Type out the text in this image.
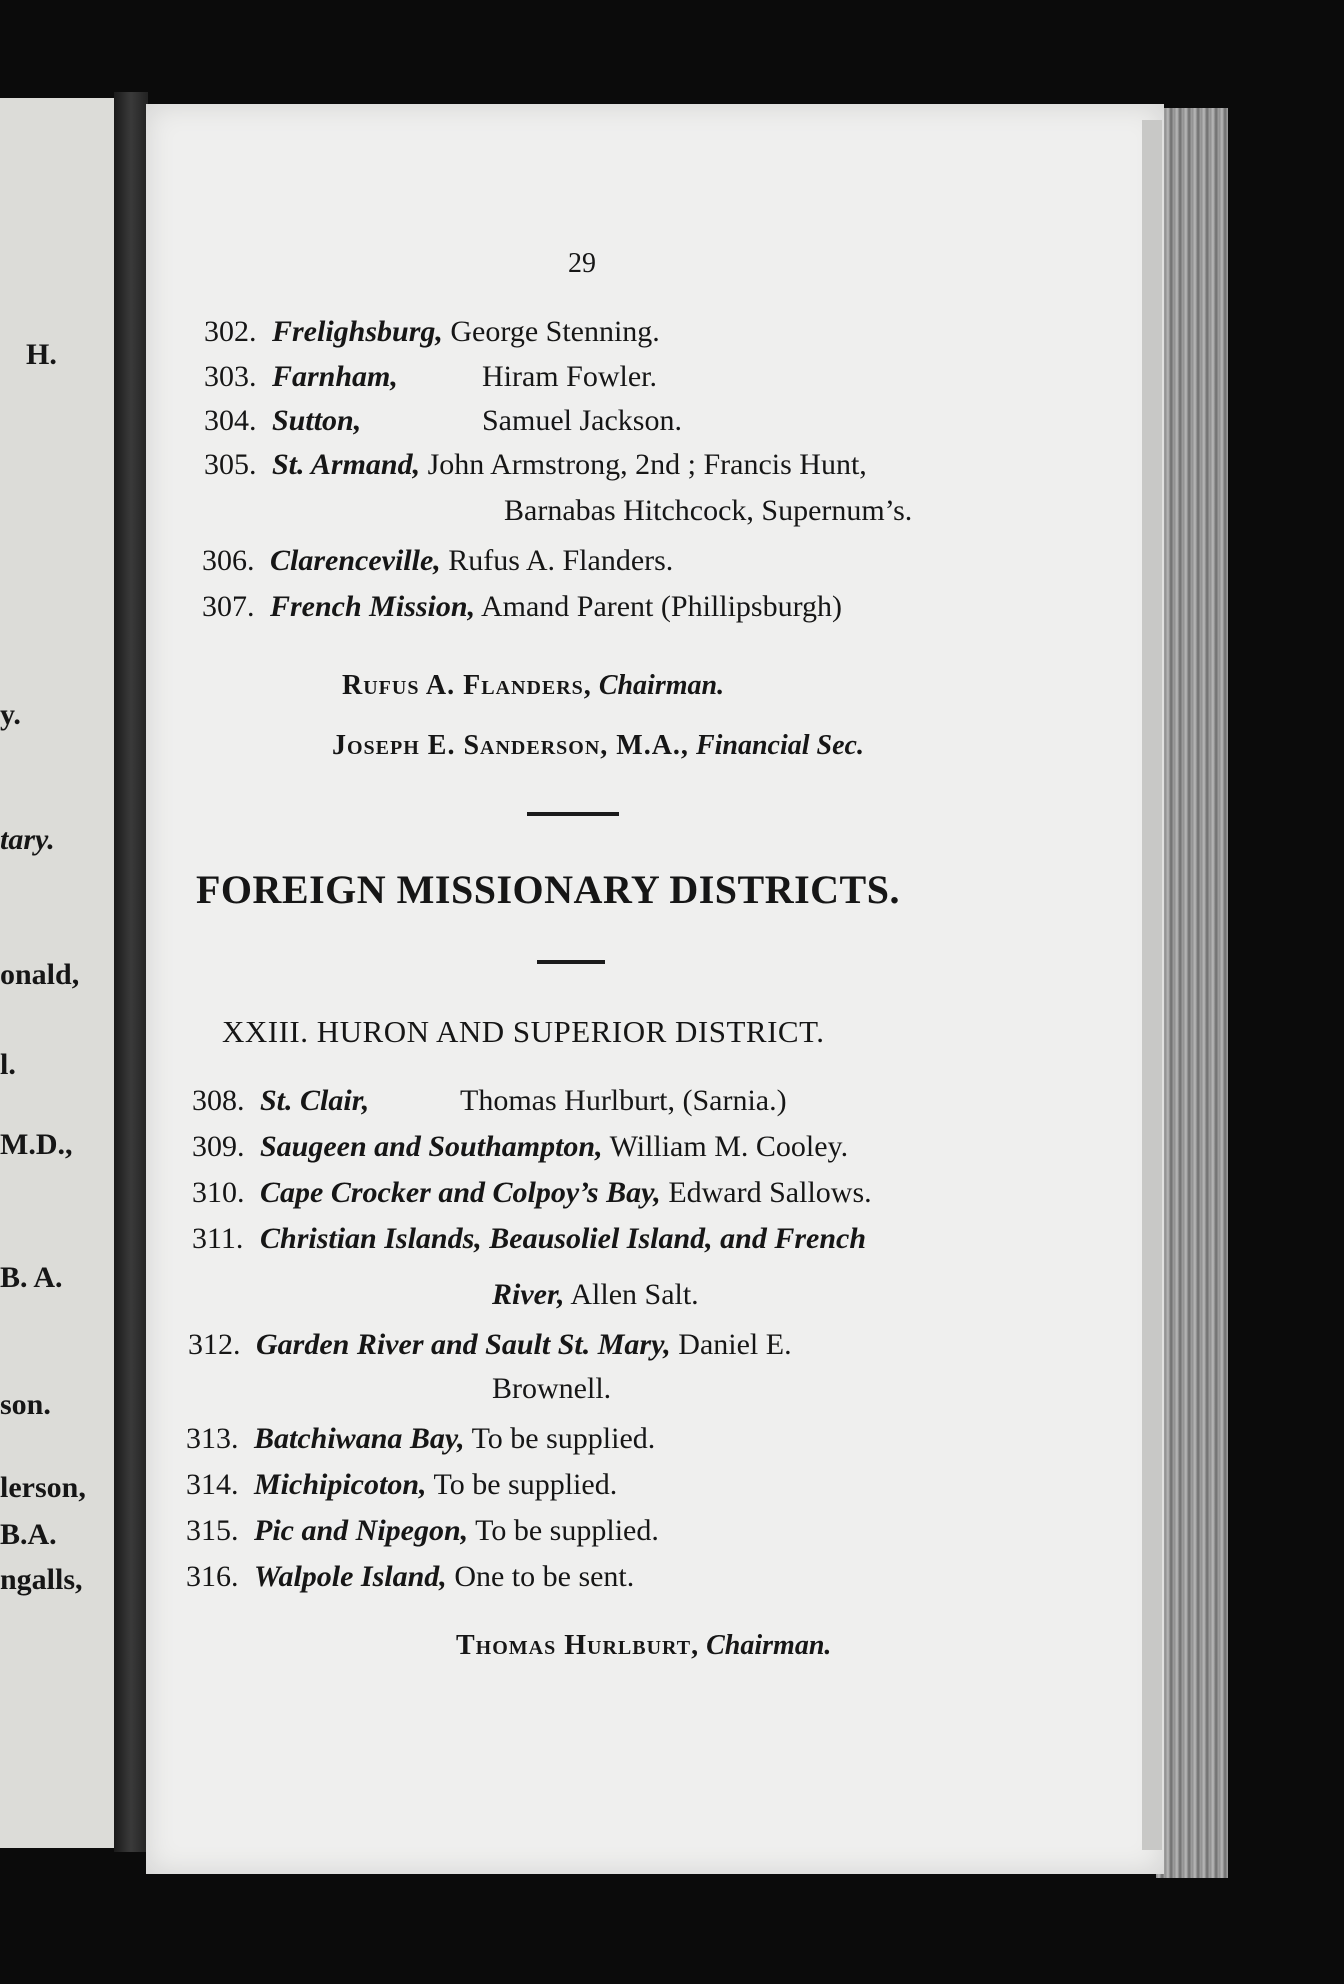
H.
y.
tary.
onald,
l.
M.D.,
B. A.
son.
lerson,
B.A.
ngalls,
29
302. Frelighsburg, George Stenning.
303. Farnham,	Hiram Fowler.
304. Sutton,	Samuel Jackson.
305. St. Armand, John Armstrong, 2nd ; Francis Hunt,
Barnabas Hitchcock, Supernum’s.
306. Clarenceville, Rufus A. Flanders.
307. French Mission, Amand Parent (Phillipsburgh)
Rufus A. Flanders, Chairman.
Joseph E. Sanderson, M.A., Financial Sec.
FOREIGN MISSIONARY DISTRICTS.
XXIII. HURON AND SUPERIOR DISTRICT.
308. St. Clair,	Thomas Hurlburt, (Sarnia.)
309. Saugeen and Southampton, William M. Cooley.
310. Cape Crocker and Colpoy’s Bay, Edward Sallows.
311. Christian Islands, Beausoliel Island, and French
River, Allen Salt.
312. Garden River and Sault St. Mary, Daniel E.
Brownell.
313. Batchiwana Bay, To be supplied.
314. Michipicoton, To be supplied.
315. Pic and Nipegon, To be supplied.
316. Walpole Island, One to be sent.
Thomas Hurlburt, Chairman.
